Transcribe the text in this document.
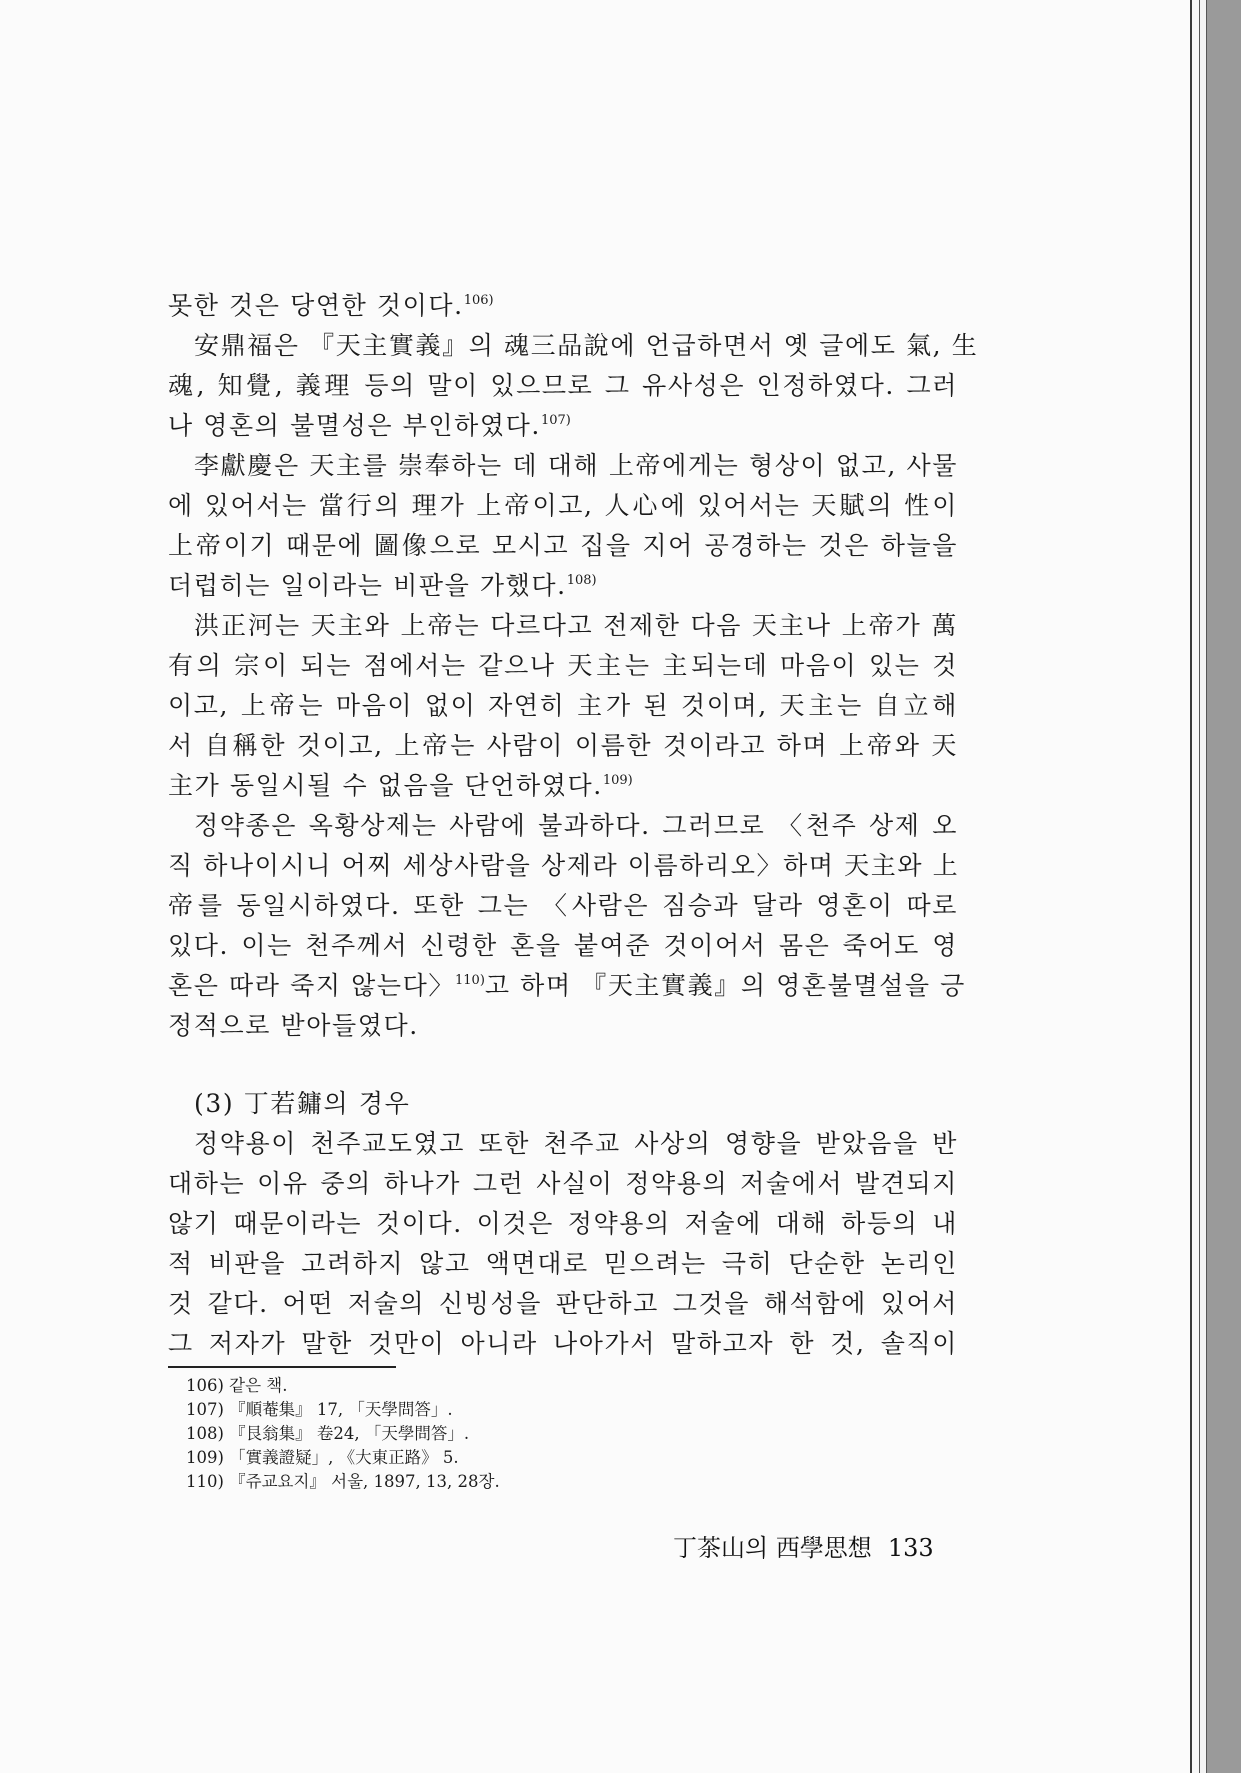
못한 것은 당연한 것이다.$^{106)}$
安鼎福은 『天主實義』의 魂三品說에 언급하면서 옛 글에도 氣, 生
魂, 知覺, 義理 등의 말이 있으므로 그 유사성은 인정하였다. 그러
나 영혼의 불멸성은 부인하였다.$^{107)}$
李獻慶은 天主를 崇奉하는 데 대해 上帝에게는 형상이 없고, 사물
에 있어서는 當行의 理가 上帝이고, 人心에 있어서는 天賦의 性이
上帝이기 때문에 圖像으로 모시고 집을 지어 공경하는 것은 하늘을
더럽히는 일이라는 비판을 가했다.$^{108)}$
洪正河는 天主와 上帝는 다르다고 전제한 다음 天主나 上帝가 萬
有의 宗이 되는 점에서는 같으나 天主는 主되는데 마음이 있는 것
이고, 上帝는 마음이 없이 자연히 主가 된 것이며, 天主는 自立해
서 自稱한 것이고, 上帝는 사람이 이름한 것이라고 하며 上帝와 天
主가 동일시될 수 없음을 단언하였다.$^{109)}$
정약종은 옥황상제는 사람에 불과하다. 그러므로 〈천주 상제 오
직 하나이시니 어찌 세상사람을 상제라 이름하리오〉하며 天主와 上
帝를 동일시하였다. 또한 그는 〈사람은 짐승과 달라 영혼이 따로
있다. 이는 천주께서 신령한 혼을 붙여준 것이어서 몸은 죽어도 영
혼은 따라 죽지 않는다〉$^{110)}$고 하며 『天主實義』의 영혼불멸설을 긍
정적으로 받아들였다.
(3) 丁若鏞의 경우
정약용이 천주교도였고 또한 천주교 사상의 영향을 받았음을 반
대하는 이유 중의 하나가 그런 사실이 정약용의 저술에서 발견되지
않기 때문이라는 것이다. 이것은 정약용의 저술에 대해 하등의 내
적 비판을 고려하지 않고 액면대로 믿으려는 극히 단순한 논리인
것 같다. 어떤 저술의 신빙성을 판단하고 그것을 해석함에 있어서
그 저자가 말한 것만이 아니라 나아가서 말하고자 한 것, 솔직이
106) 같은 책.
107) 『順菴集』 17, 「天學問答」.
108) 『艮翁集』 卷24, 「天學問答」.
109) 「實義證疑」, 《大東正路》 5.
110) 『쥬교요지』 서울, 1897, 13, 28장.
丁茶山의 西學思想 133
